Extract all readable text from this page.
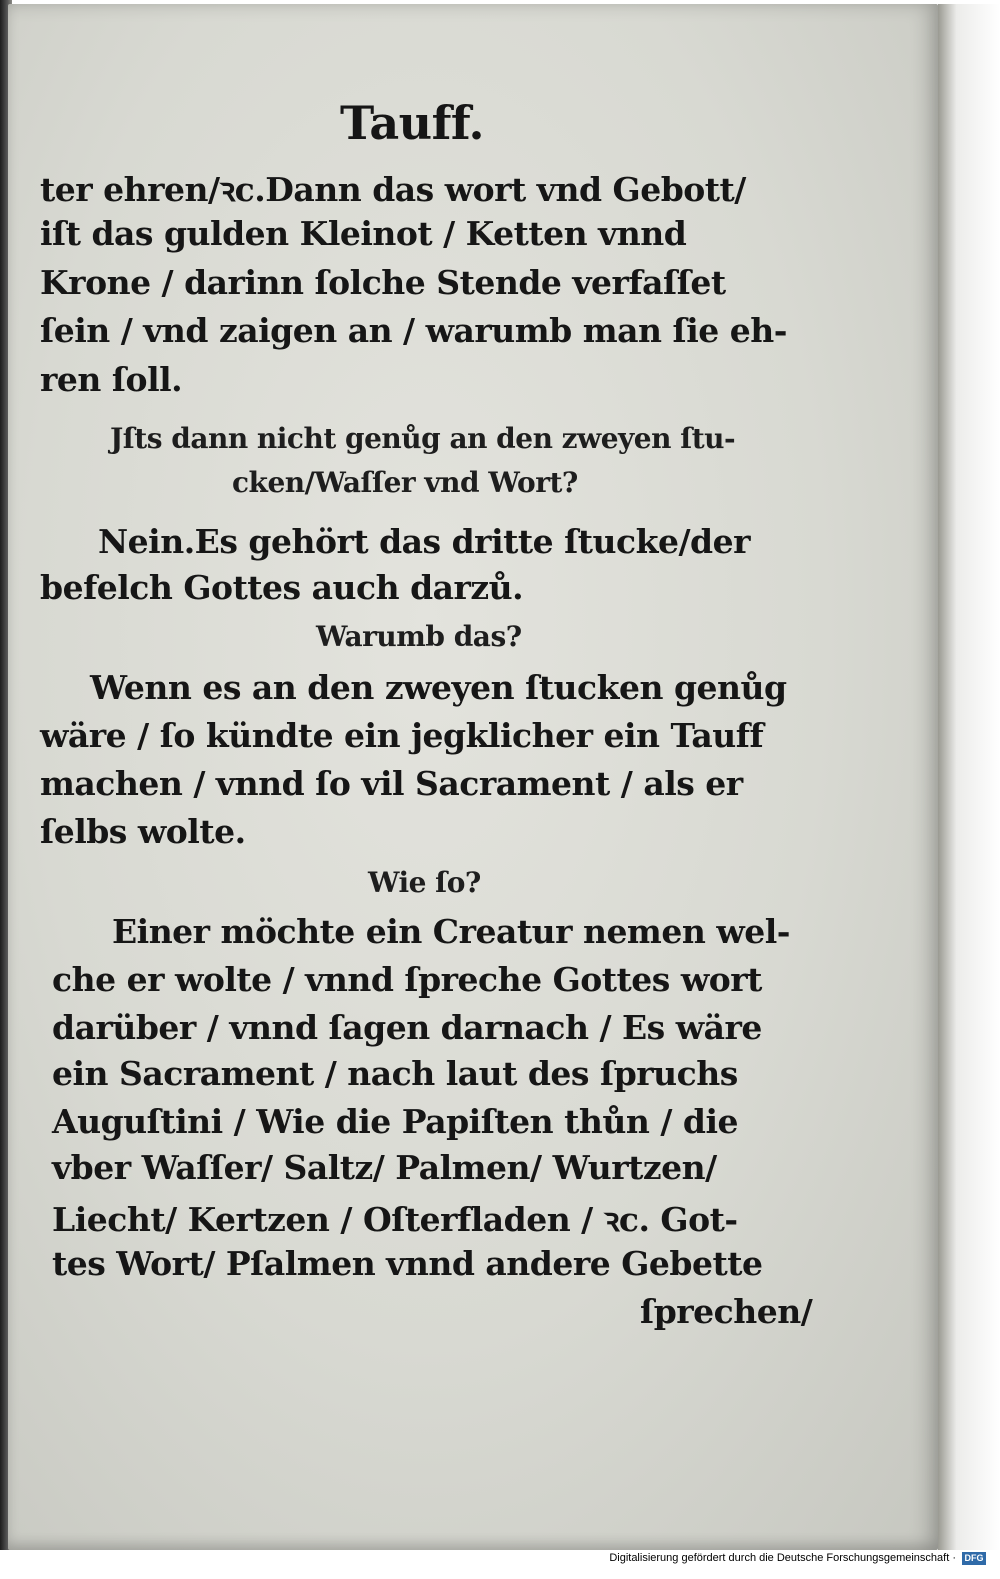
Tauff.
ter ehren/ꝛc.Dann das wort vnd Gebott/
iſt das gulden Kleinot / Ketten vnnd
Krone / darinn ſolche Stende verfaſſet
ſein / vnd zaigen an / warumb man ſie eh-
ren ſoll.
Jſts dann nicht genůg an den zweyen ſtu-
cken/Waſſer vnd Wort?
Nein.Es gehört das dritte ſtucke/der
befelch Gottes auch darzů.
Warumb das?
Wenn es an den zweyen ſtucken genůg
wäre / ſo kündte ein jegklicher ein Tauff
machen / vnnd ſo vil Sacrament / als er
ſelbs wolte.
Wie ſo?
Einer möchte ein Creatur nemen wel-
che er wolte / vnnd ſpreche Gottes wort
darüber / vnnd ſagen darnach / Es wäre
ein Sacrament / nach laut des ſpruchs
Auguſtini / Wie die Papiſten thůn / die
vber Waſſer/ Saltz/ Palmen/ Wurtzen/
Liecht/ Kertzen / Oſterfladen / ꝛc. Got-
tes Wort/ Pſalmen vnnd andere Gebette
ſprechen/
Digitalisierung gefördert durch die Deutsche Forschungsgemeinschaft · DFG
